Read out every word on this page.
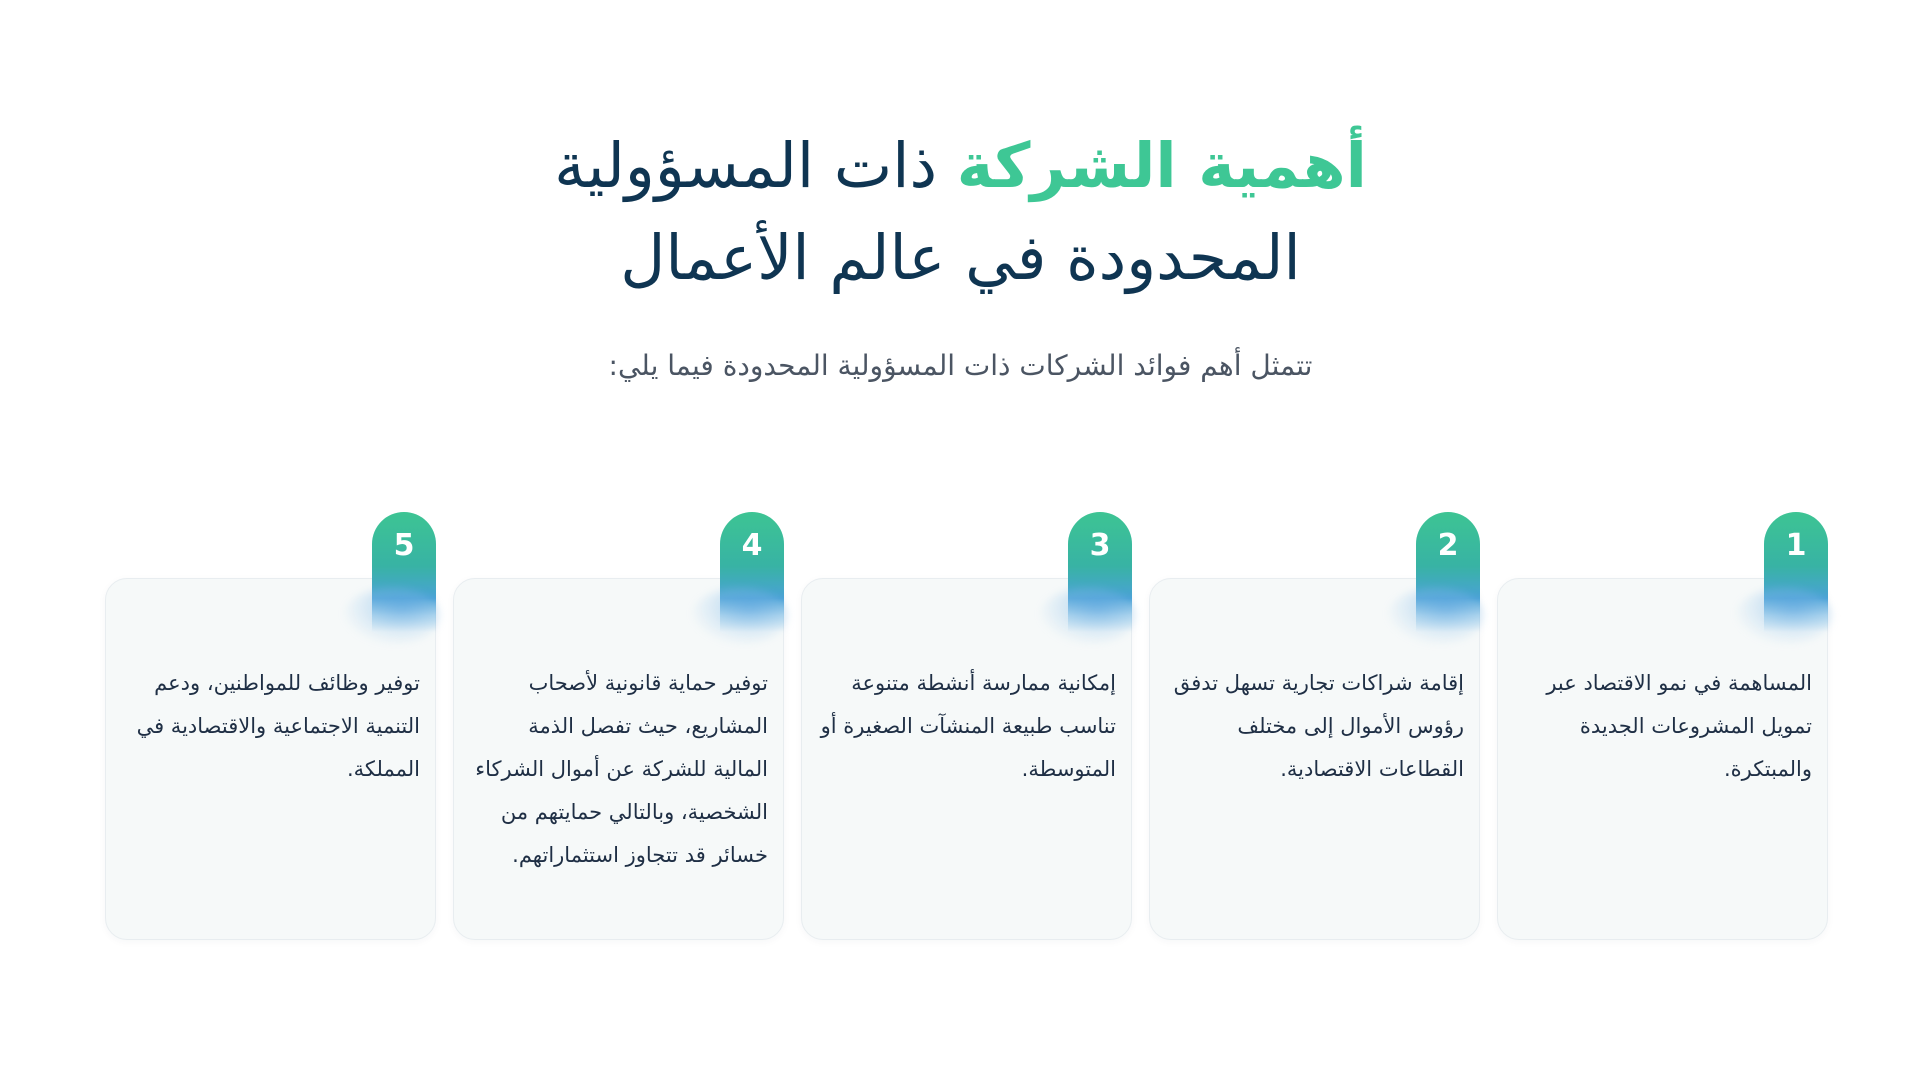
أهمية الشركة ذات المسؤولية
المحدودة في عالم الأعمال

تتمثل أهم فوائد الشركات ذات المسؤولية المحدودة فيما يلي:

1

المساهمة في نمو الاقتصاد عبر تمويل المشروعات الجديدة والمبتكرة.

2

إقامة شراكات تجارية تسهل تدفق رؤوس الأموال إلى مختلف القطاعات الاقتصادية.

3

إمكانية ممارسة أنشطة متنوعة تناسب طبيعة المنشآت الصغيرة أو المتوسطة.

4

توفير حماية قانونية لأصحاب المشاريع، حيث تفصل الذمة المالية للشركة عن أموال الشركاء الشخصية، وبالتالي حمايتهم من خسائر قد تتجاوز استثماراتهم.

5

توفير وظائف للمواطنين، ودعم التنمية الاجتماعية والاقتصادية في المملكة.
